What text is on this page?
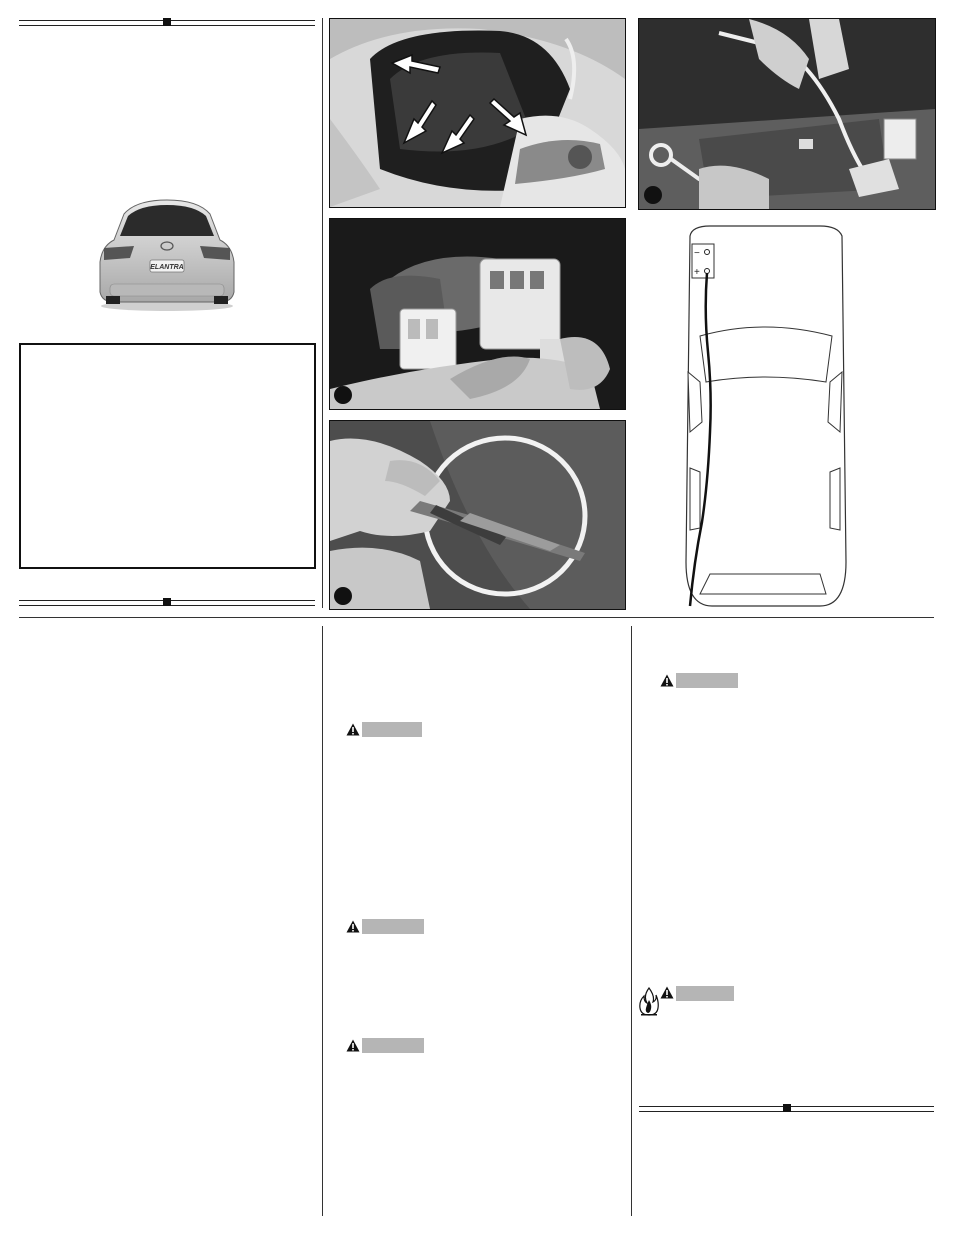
ELANTRA
−
+
